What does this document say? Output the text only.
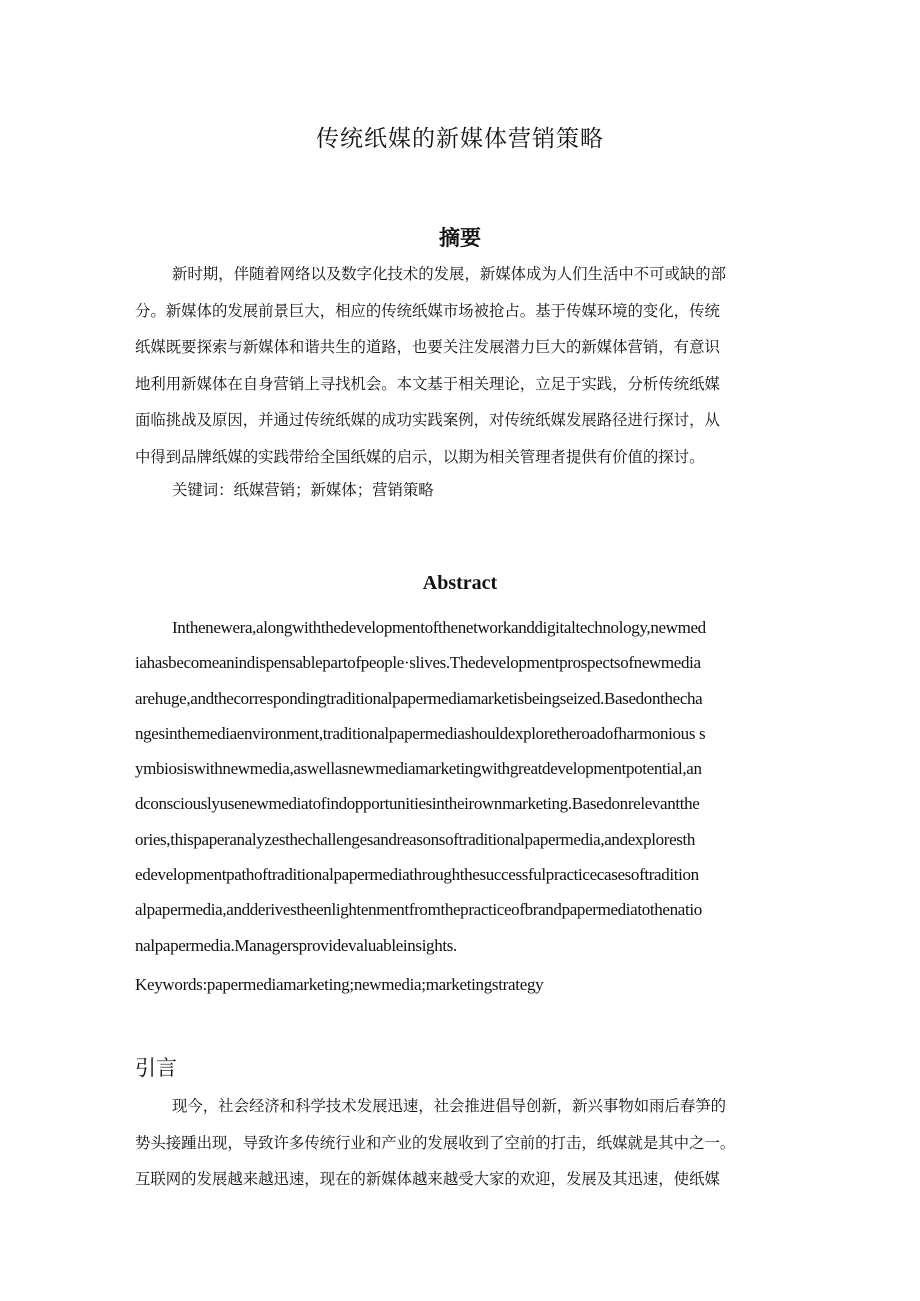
传统纸媒的新媒体营销策略
摘要
新时期，伴随着网络以及数字化技术的发展，新媒体成为人们生活中不可或缺的部
分。新媒体的发展前景巨大，相应的传统纸媒市场被抢占。基于传媒环境的变化，传统
纸媒既要探索与新媒体和谐共生的道路，也要关注发展潜力巨大的新媒体营销，有意识
地利用新媒体在自身营销上寻找机会。本文基于相关理论，立足于实践，分析传统纸媒
面临挑战及原因，并通过传统纸媒的成功实践案例，对传统纸媒发展路径进行探讨，从
中得到品牌纸媒的实践带给全国纸媒的启示，以期为相关管理者提供有价值的探讨。
关键词：纸媒营销；新媒体；营销策略
Abstract
Inthenewera,alongwiththedevelopmentofthenetworkanddigitaltechnology,newmed
iahasbecomeanindispensablepartofpeople·slives.Thedevelopmentprospectsofnewmedia
arehuge,andthecorrespondingtraditionalpapermediamarketisbeingseized.Basedonthecha
ngesinthemediaenvironment,traditionalpapermediashouldexploretheroadofharmonious s
ymbiosiswithnewmedia,aswellasnewmediamarketingwithgreatdevelopmentpotential,an
dconsciouslyusenewmediatofindopportunitiesintheirownmarketing.Basedonrelevantthe
ories,thispaperanalyzesthechallengesandreasonsoftraditionalpapermedia,andexploresth
edevelopmentpathoftraditionalpapermediathroughthesuccessfulpracticecasesoftradition
alpapermedia,andderivestheenlightenmentfromthepracticeofbrandpapermediatothenatio
nalpapermedia.Managersprovidevaluableinsights.
Keywords:papermediamarketing;newmedia;marketingstrategy
引言
现今，社会经济和科学技术发展迅速，社会推进倡导创新，新兴事物如雨后春笋的
势头接踵出现，导致许多传统行业和产业的发展收到了空前的打击，纸媒就是其中之一。
互联网的发展越来越迅速，现在的新媒体越来越受大家的欢迎，发展及其迅速，使纸媒
